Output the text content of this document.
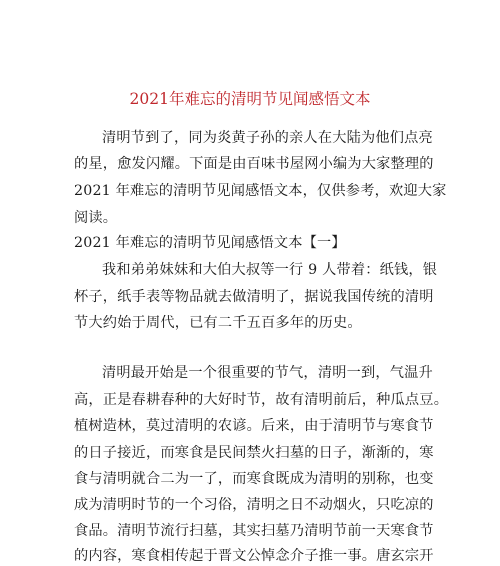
2021年难忘的清明节见闻感悟文本
清明节到了，同为炎黄子孙的亲人在大陆为他们点亮
的星，愈发闪耀。下面是由百味书屋网小编为大家整理的
2021 年难忘的清明节见闻感悟文本，仅供参考，欢迎大家
阅读。
2021 年难忘的清明节见闻感悟文本【一】
我和弟弟妹妹和大伯大叔等一行 9 人带着：纸钱，银
杯子，纸手表等物品就去做清明了，据说我国传统的清明
节大约始于周代，已有二千五百多年的历史。
清明最开始是一个很重要的节气，清明一到，气温升
高，正是春耕春种的大好时节，故有清明前后，种瓜点豆。
植树造林，莫过清明的农谚。后来，由于清明节与寒食节
的日子接近，而寒食是民间禁火扫墓的日子，渐渐的，寒
食与清明就合二为一了，而寒食既成为清明的别称，也变
成为清明时节的一个习俗，清明之日不动烟火，只吃凉的
食品。清明节流行扫墓，其实扫墓乃清明节前一天寒食节
的内容，寒食相传起于晋文公悼念介子推一事。唐玄宗开
